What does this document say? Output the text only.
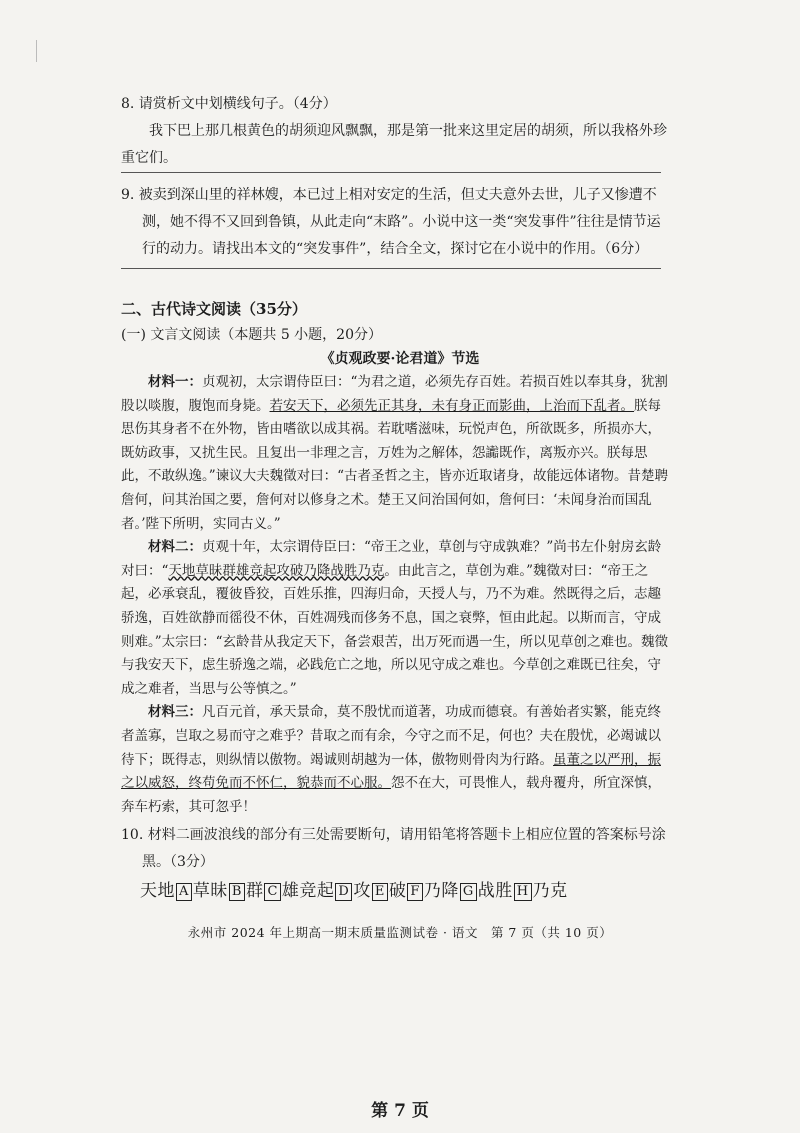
8. 请赏析文中划横线句子。（4分）

我下巴上那几根黄色的胡须迎风飘飘，那是第一批来这里定居的胡须，所以我格外珍重它们。

9. 被卖到深山里的祥林嫂，本已过上相对安定的生活，但丈夫意外去世，儿子又惨遭不测，她不得不又回到鲁镇，从此走向“末路”。小说中这一类“突发事件”往往是情节运行的动力。请找出本文的“突发事件”，结合全文，探讨它在小说中的作用。（6分）

二、古代诗文阅读（35分）
(一) 文言文阅读（本题共 5 小题，20分）
《贞观政要·论君道》节选

材料一：贞观初，太宗谓侍臣曰：“为君之道，必须先存百姓。若损百姓以奉其身，犹割股以啖腹，腹饱而身毙。若安天下，必须先正其身，未有身正而影曲，上治而下乱者。朕每思伤其身者不在外物，皆由嗜欲以成其祸。若耽嗜滋味，玩悦声色，所欲既多，所损亦大，既妨政事，又扰生民。且复出一非理之言，万姓为之解体，怨讟既作，离叛亦兴。朕每思此，不敢纵逸。”谏议大夫魏徵对曰：“古者圣哲之主，皆亦近取诸身，故能远体诸物。昔楚聘詹何，问其治国之要，詹何对以修身之术。楚王又问治国何如，詹何曰：‘未闻身治而国乱者。’陛下所明，实同古义。”

材料二：贞观十年，太宗谓侍臣曰：“帝王之业，草创与守成孰难？”尚书左仆射房玄龄对曰：“天地草昧群雄竞起攻破乃降战胜乃克。由此言之，草创为难。”魏徵对曰：“帝王之起，必承衰乱，覆彼昏狡，百姓乐推，四海归命，天授人与，乃不为难。然既得之后，志趣骄逸，百姓欲静而徭役不休，百姓凋残而侈务不息，国之衰弊，恒由此起。以斯而言，守成则难。”太宗曰：“玄龄昔从我定天下，备尝艰苦，出万死而遇一生，所以见草创之难也。魏徵与我安天下，虑生骄逸之端，必践危亡之地，所以见守成之难也。今草创之难既已往矣，守成之难者，当思与公等慎之。”

材料三：凡百元首，承天景命，莫不殷忧而道著，功成而德衰。有善始者实繁，能克终者盖寡，岂取之易而守之难乎？昔取之而有余，今守之而不足，何也？夫在殷忧，必竭诚以待下；既得志，则纵情以傲物。竭诚则胡越为一体，傲物则骨肉为行路。虽董之以严刑，振之以威怒，终苟免而不怀仁，貌恭而不心服。怨不在大，可畏惟人，载舟覆舟，所宜深慎，奔车朽索，其可忽乎！

10. 材料二画波浪线的部分有三处需要断句，请用铅笔将答题卡上相应位置的答案标号涂黑。（3分）

天地 A 草昧 B 群 C 雄竞起 D 攻 E 破 F 乃降 G 战胜 H 乃克
永州市 2024 年上期高一期末质量监测试卷 · 语文　第 7 页（共 10 页）
第 7 页
